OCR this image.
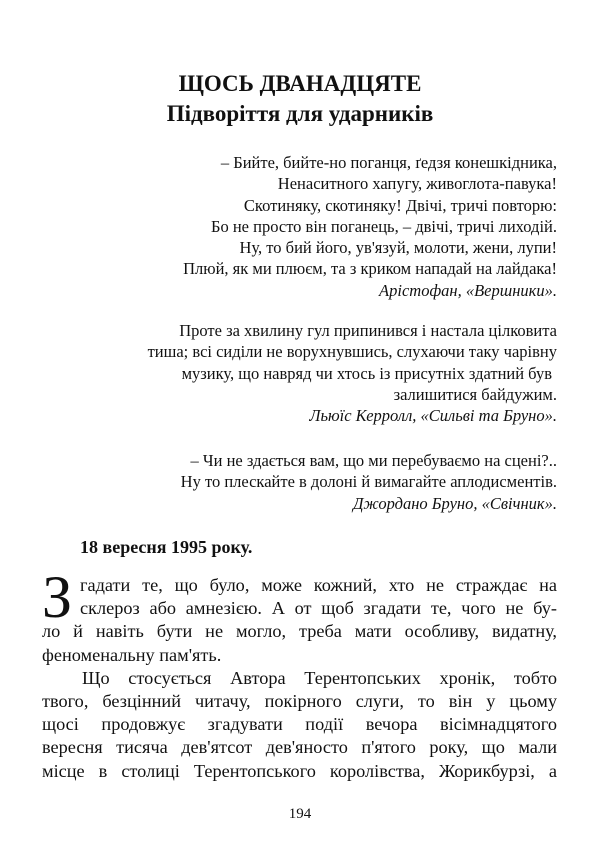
ЩОСЬ ДВАНАДЦЯТЕ
Підворіття для ударників
– Бийте, бийте-но поганця, ґедзя конешкідника,
Ненаситного хапугу, живоглота-павука!
Скотиняку, скотиняку! Двічі, тричі повторю:
Бо не просто він поганець, – двічі, тричі лиходій.
Ну, то бий його, ув'язуй, молоти, жени, лупи!
Плюй, як ми плюєм, та з криком нападай на лайдака!
Арістофан, «Вершники».
Проте за хвилину гул припинився і настала цілковита
тиша; всі сиділи не ворухнувшись, слухаючи таку чарівну
музику, що навряд чи хтось із присутніх здатний був
залишитися байдужим.
Льюїс Керролл, «Сильві та Бруно».
– Чи не здається вам, що ми перебуваємо на сцені?..
Ну то плескайте в долоні й вимагайте аплодисментів.
Джордано Бруно, «Свічник».
18 вересня 1995 року.
З гадати те, що було, може кожний, хто не страждає на
склероз або амнезією. А от щоб згадати те, чого не бу-
ло й навіть бути не могло, треба мати особливу, видатну,
феноменальну пам'ять.
Що стосується Автора Терентопських хронік, тобто
твого, безцінний читачу, покірного слуги, то він у цьому
щосі продовжує згадувати події вечора вісімнадцятого
вересня тисяча дев'ятсот дев'яносто п'ятого року, що мали
місце в столиці Терентопського королівства, Жорикбурзі, а
194
